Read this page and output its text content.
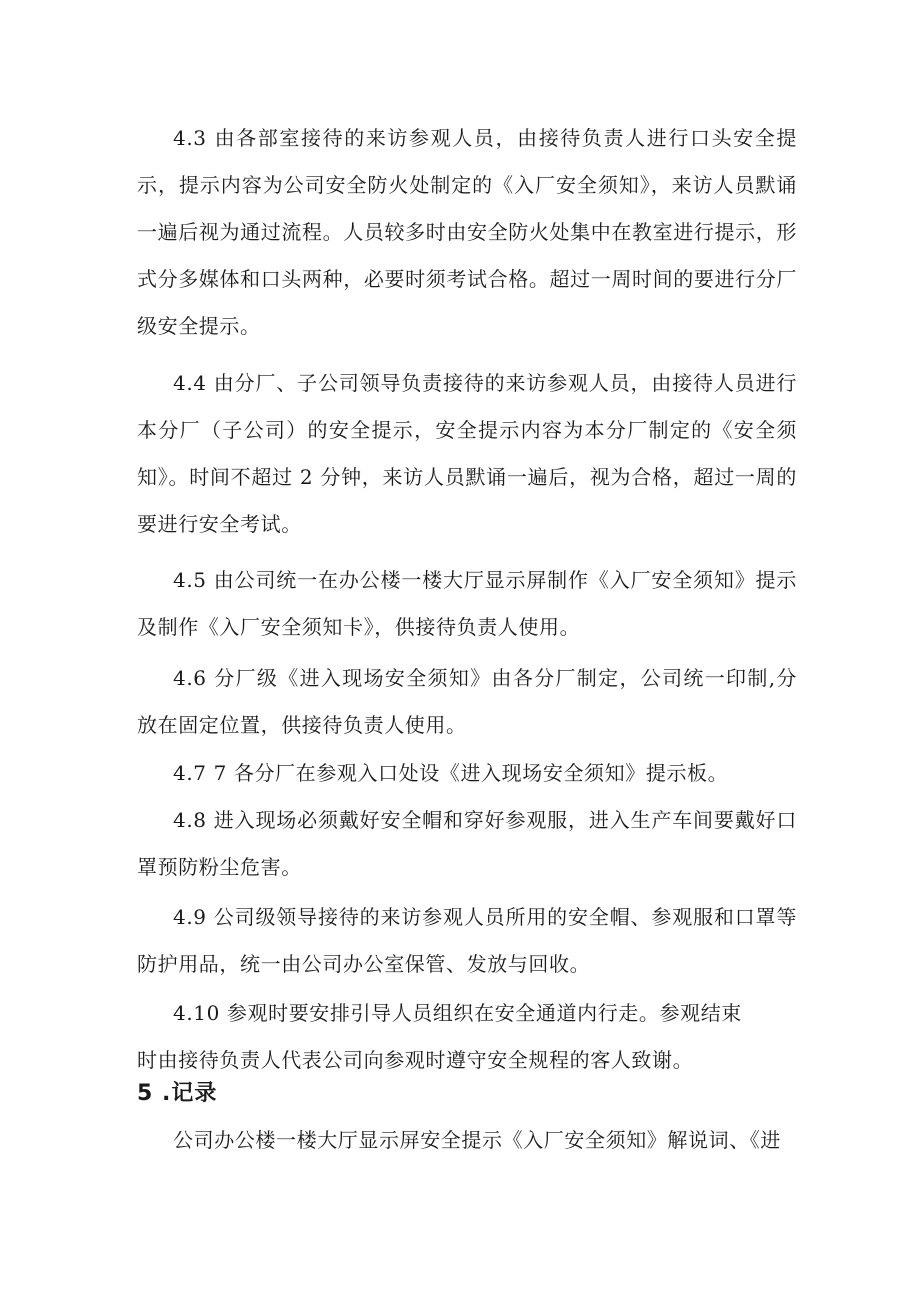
4.3 由各部室接待的来访参观人员，由接待负责人进行口头安全提示，提示内容为公司安全防火处制定的《入厂安全须知》，来访人员默诵一遍后视为通过流程。人员较多时由安全防火处集中在教室进行提示，形式分多媒体和口头两种，必要时须考试合格。超过一周时间的要进行分厂级安全提示。

4.4 由分厂、子公司领导负责接待的来访参观人员，由接待人员进行本分厂（子公司）的安全提示，安全提示内容为本分厂制定的《安全须知》。时间不超过 2 分钟，来访人员默诵一遍后，视为合格，超过一周的要进行安全考试。

4.5 由公司统一在办公楼一楼大厅显示屏制作《入厂安全须知》提示及制作《入厂安全须知卡》，供接待负责人使用。

4.6 分厂级《进入现场安全须知》由各分厂制定，公司统一印制,分放在固定位置，供接待负责人使用。

4.7 7 各分厂在参观入口处设《进入现场安全须知》提示板。

4.8 进入现场必须戴好安全帽和穿好参观服，进入生产车间要戴好口罩预防粉尘危害。

4.9 公司级领导接待的来访参观人员所用的安全帽、参观服和口罩等防护用品，统一由公司办公室保管、发放与回收。

4.10 参观时要安排引导人员组织在安全通道内行走。参观结束

时由接待负责人代表公司向参观时遵守安全规程的客人致谢。

5 .记录

公司办公楼一楼大厅显示屏安全提示《入厂安全须知》解说词、《进
